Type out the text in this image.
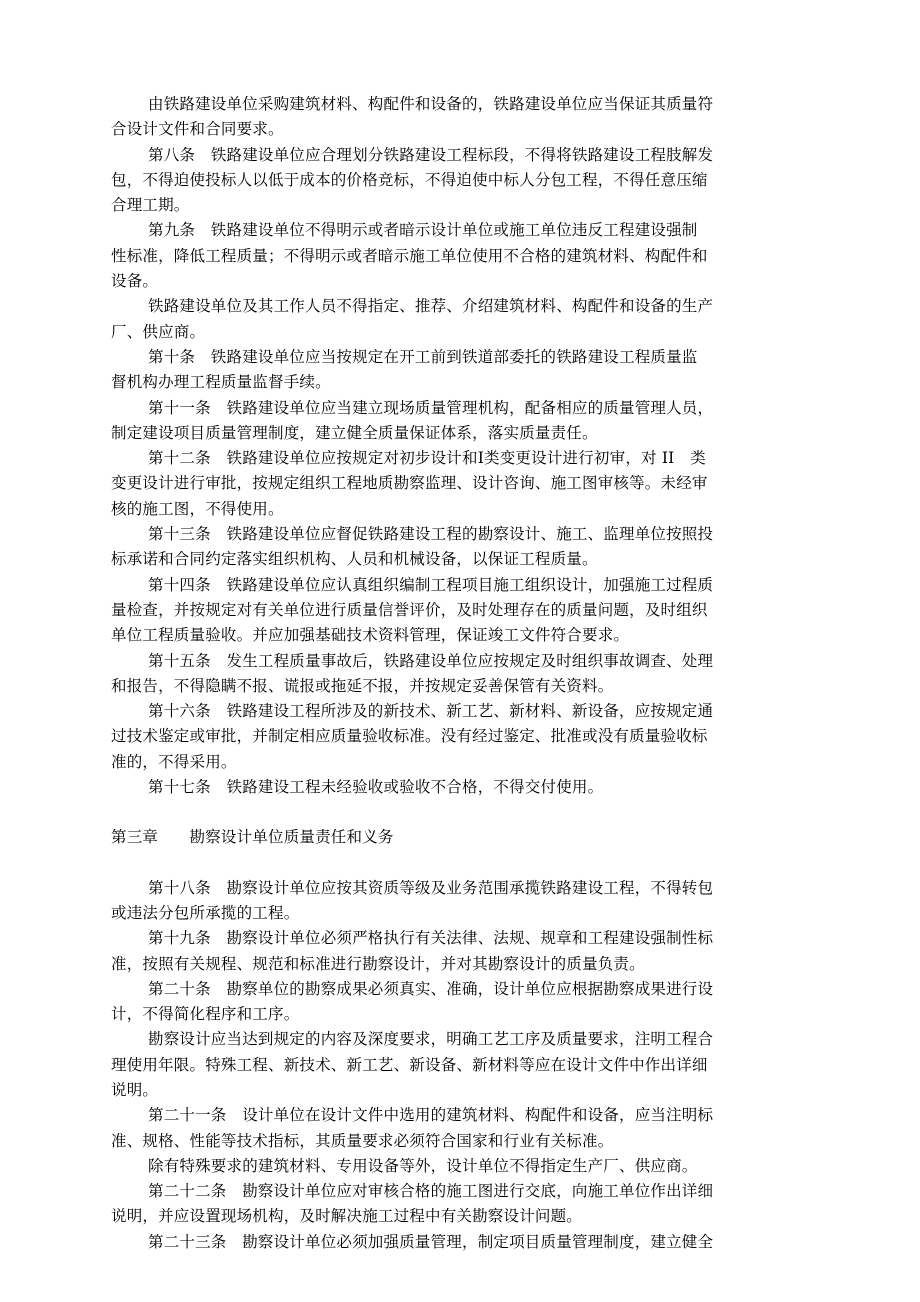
由铁路建设单位采购建筑材料、构配件和设备的，铁路建设单位应当保证其质量符
合设计文件和合同要求。
第八条　铁路建设单位应合理划分铁路建设工程标段，不得将铁路建设工程肢解发
包，不得迫使投标人以低于成本的价格竞标，不得迫使中标人分包工程，不得任意压缩
合理工期。
第九条　铁路建设单位不得明示或者暗示设计单位或施工单位违反工程建设强制
性标准，降低工程质量；不得明示或者暗示施工单位使用不合格的建筑材料、构配件和
设备。
铁路建设单位及其工作人员不得指定、推荐、介绍建筑材料、构配件和设备的生产
厂、供应商。
第十条　铁路建设单位应当按规定在开工前到铁道部委托的铁路建设工程质量监
督机构办理工程质量监督手续。
第十一条　铁路建设单位应当建立现场质量管理机构，配备相应的质量管理人员，
制定建设项目质量管理制度，建立健全质量保证体系，落实质量责任。
第十二条　铁路建设单位应按规定对初步设计和Ⅰ类变更设计进行初审，对 II　类
变更设计进行审批，按规定组织工程地质勘察监理、设计咨询、施工图审核等。未经审
核的施工图，不得使用。
第十三条　铁路建设单位应督促铁路建设工程的勘察设计、施工、监理单位按照投
标承诺和合同约定落实组织机构、人员和机械设备，以保证工程质量。
第十四条　铁路建设单位应认真组织编制工程项目施工组织设计，加强施工过程质
量检查，并按规定对有关单位进行质量信誉评价，及时处理存在的质量问题，及时组织
单位工程质量验收。并应加强基础技术资料管理，保证竣工文件符合要求。
第十五条　发生工程质量事故后，铁路建设单位应按规定及时组织事故调查、处理
和报告，不得隐瞒不报、谎报或拖延不报，并按规定妥善保管有关资料。
第十六条　铁路建设工程所涉及的新技术、新工艺、新材料、新设备，应按规定通
过技术鉴定或审批，并制定相应质量验收标准。没有经过鉴定、批准或没有质量验收标
准的，不得采用。
第十七条　铁路建设工程未经验收或验收不合格，不得交付使用。
第三章　　勘察设计单位质量责任和义务
第十八条　勘察设计单位应按其资质等级及业务范围承揽铁路建设工程，不得转包
或违法分包所承揽的工程。
第十九条　勘察设计单位必须严格执行有关法律、法规、规章和工程建设强制性标
准，按照有关规程、规范和标准进行勘察设计，并对其勘察设计的质量负责。
第二十条　勘察单位的勘察成果必须真实、准确，设计单位应根据勘察成果进行设
计，不得简化程序和工序。
勘察设计应当达到规定的内容及深度要求，明确工艺工序及质量要求，注明工程合
理使用年限。特殊工程、新技术、新工艺、新设备、新材料等应在设计文件中作出详细
说明。
第二十一条　设计单位在设计文件中选用的建筑材料、构配件和设备，应当注明标
准、规格、性能等技术指标，其质量要求必须符合国家和行业有关标准。
除有特殊要求的建筑材料、专用设备等外，设计单位不得指定生产厂、供应商。
第二十二条　勘察设计单位应对审核合格的施工图进行交底，向施工单位作出详细
说明，并应设置现场机构，及时解决施工过程中有关勘察设计问题。
第二十三条　勘察设计单位必须加强质量管理，制定项目质量管理制度，建立健全
